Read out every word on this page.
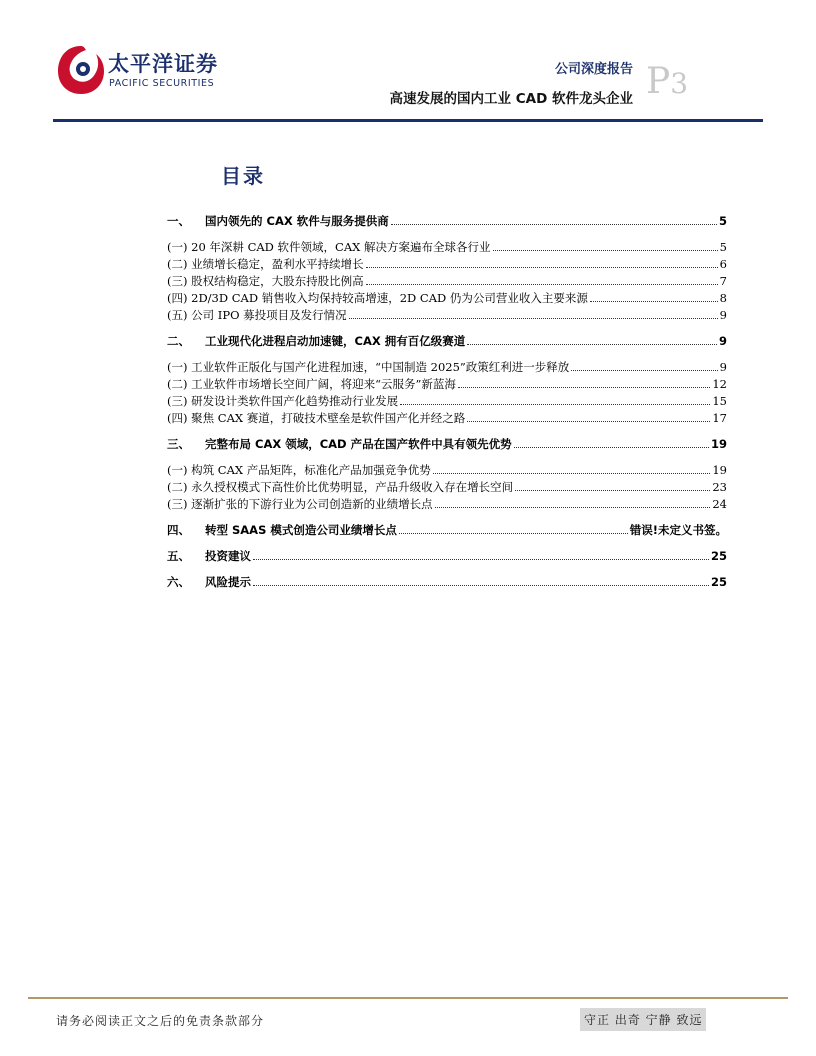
太平洋证券
PACIFIC SECURITIES
公司深度报告
高速发展的国内工业 CAD 软件龙头企业 P3
目录
一、	国内领先的 CAX 软件与服务提供商	5
(一) 20 年深耕 CAD 软件领域，CAX 解决方案遍布全球各行业	5
(二) 业绩增长稳定，盈利水平持续增长	6
(三) 股权结构稳定，大股东持股比例高	7
(四) 2D/3D CAD 销售收入均保持较高增速，2D CAD 仍为公司营业收入主要来源	8
(五) 公司 IPO 募投项目及发行情况	9
二、	工业现代化进程启动加速键，CAX 拥有百亿级赛道	9
(一) 工业软件正版化与国产化进程加速，“中国制造 2025”政策红利进一步释放	9
(二) 工业软件市场增长空间广阔，将迎来“云服务”新蓝海	12
(三) 研发设计类软件国产化趋势推动行业发展	15
(四) 聚焦 CAX 赛道，打破技术壁垒是软件国产化并经之路	17
三、	完整布局 CAX 领域，CAD 产品在国产软件中具有领先优势	19
(一) 构筑 CAX 产品矩阵，标准化产品加强竞争优势	19
(二) 永久授权模式下高性价比优势明显，产品升级收入存在增长空间	23
(三) 逐渐扩张的下游行业为公司创造新的业绩增长点	24
四、	转型 SAAS 模式创造公司业绩增长点	错误!未定义书签。
五、	投资建议	25
六、	风险提示	25
请务必阅读正文之后的免责条款部分	守正 出奇 宁静 致远
